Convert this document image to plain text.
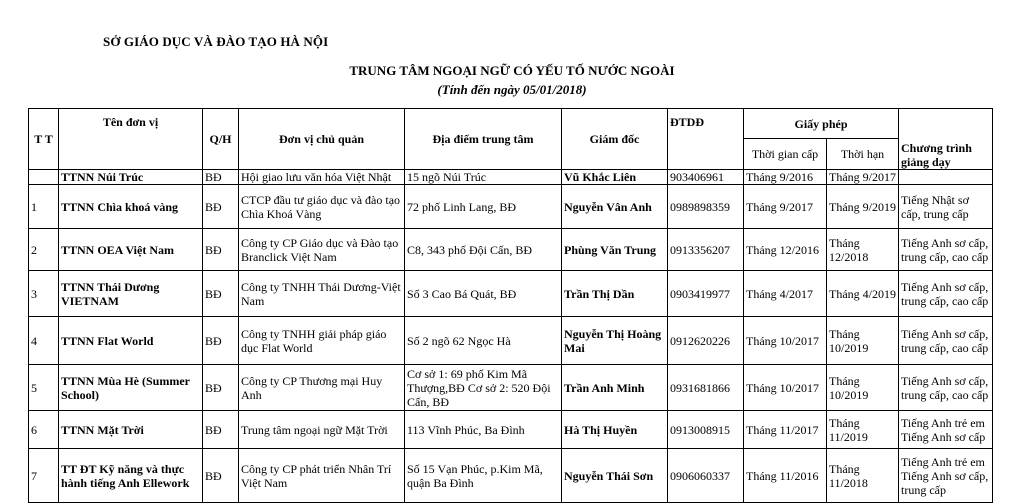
SỞ GIÁO DỤC VÀ ĐÀO TẠO HÀ NỘI
TRUNG TÂM NGOẠI NGỮ CÓ YẾU TỐ NƯỚC NGOÀI
(Tính đến ngày 05/01/2018)
T T	Tên đơn vị	Q/H	Đơn vị chủ quản	Địa điểm trung tâm	Giám đốc	ĐTDĐ	Giấy phép		Chương trình giảng dạy
							Thời gian cấp	Thời hạn	
	TTNN Núi Trúc	BĐ	Hội giao lưu văn hóa Việt Nhật	15 ngõ Núi Trúc	Vũ Khắc Liên	903406961	Tháng 9/2016	Tháng 9/2017	
1	TTNN Chìa khoá vàng	BĐ	CTCP đầu tư giáo dục và đào tạo Chìa Khoá Vàng	72 phố Linh Lang, BĐ	Nguyễn Vân Anh	0989898359	Tháng 9/2017	Tháng 9/2019	Tiếng Nhật sơ cấp, trung cấp
2	TTNN OEA Việt Nam	BĐ	Công ty CP Giáo dục và Đào tạo Branclick Việt Nam	C8, 343 phố Đội Cấn, BĐ	Phùng Văn Trung	0913356207	Tháng 12/2016	Tháng 12/2018	Tiếng Anh sơ cấp, trung cấp, cao cấp
3	TTNN Thái Dương VIETNAM	BĐ	Công ty TNHH Thái Dương-Việt Nam	Số 3 Cao Bá Quát, BĐ	Trần Thị Dần	0903419977	Tháng 4/2017	Tháng 4/2019	Tiếng Anh sơ cấp, trung cấp, cao cấp
4	TTNN Flat World	BĐ	Công ty TNHH giải pháp giáo dục Flat World	Số 2 ngõ 62 Ngọc Hà	Nguyễn Thị Hoàng Mai	0912620226	Tháng 10/2017	Tháng 10/2019	Tiếng Anh sơ cấp, trung cấp, cao cấp
5	TTNN Mùa Hè (Summer School)	BĐ	Công ty CP Thương mại Huy Anh	Cơ sở 1: 69 phố Kim Mã Thượng,BĐ Cơ sở 2: 520 Đội Cấn, BĐ	Trần Anh Minh	0931681866	Tháng 10/2017	Tháng 10/2019	Tiếng Anh sơ cấp, trung cấp, cao cấp
6	TTNN Mặt Trời	BĐ	Trung tâm ngoại ngữ Mặt Trời	113 Vĩnh Phúc, Ba Đình	Hà Thị Huyền	0913008915	Tháng 11/2017	Tháng 11/2019	Tiếng Anh trẻ em Tiếng Anh sơ cấp
7	TT ĐT Kỹ năng và thực hành tiếng Anh Ellework	BĐ	Công ty CP phát triển Nhân Trí Việt Nam	Số 15 Vạn Phúc, p.Kim Mã, quận Ba Đình	Nguyễn Thái Sơn	0906060337	Tháng 11/2016	Tháng 11/2018	Tiếng Anh trẻ em Tiếng Anh sơ cấp, trung cấp
